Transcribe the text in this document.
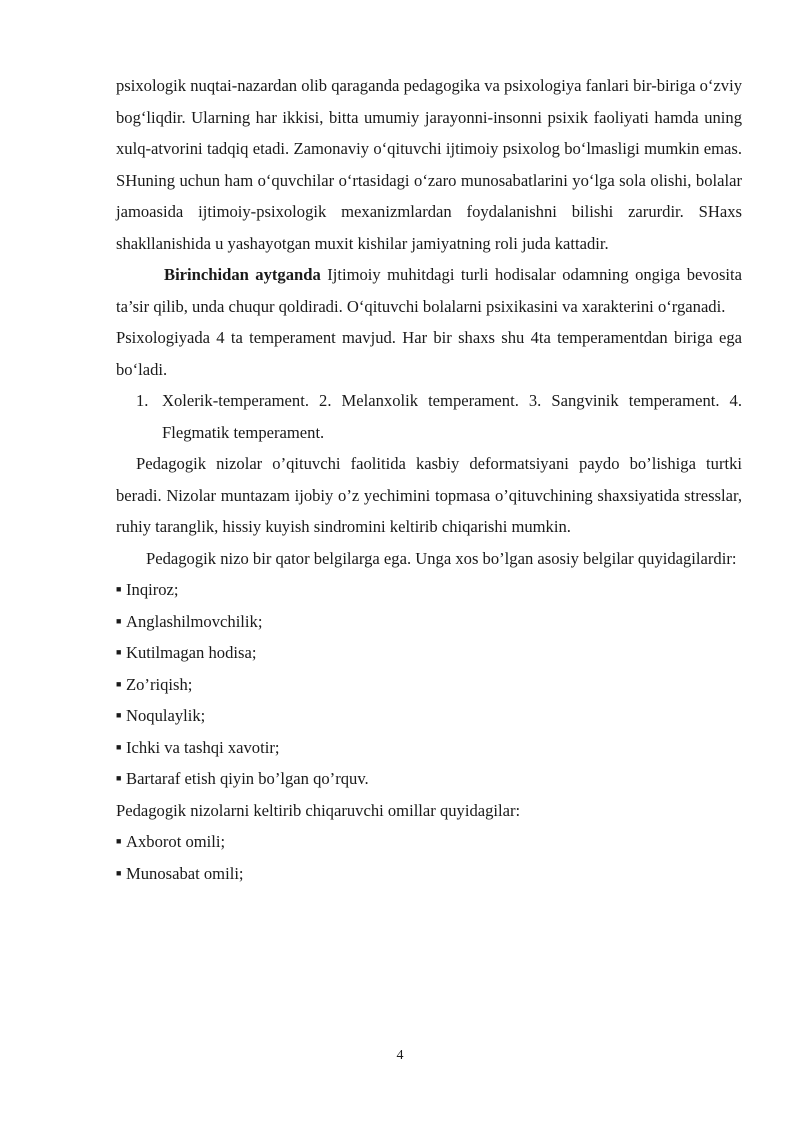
psixologik nuqtai-nazardan olib qaraganda pedagogika va psixologiya fanlari bir-biriga o‘zviy bog‘liqdir. Ularning har ikkisi, bitta umumiy jarayonni-insonni psixik faoliyati hamda uning xulq-atvorini tadqiq etadi. Zamonaviy o‘qituvchi ijtimoiy psixolog bo‘lmasligi mumkin emas. SHuning uchun ham o‘quvchilar o‘rtasidagi o‘zaro munosabatlarini yo‘lga sola olishi, bolalar jamoasida ijtimoiy-psixologik mexanizmlardan foydalanishni bilishi zarurdir. SHaxs shakllanishida u yashayotgan muxit kishilar jamiyatning roli juda kattadir.

Birinchidan aytganda Ijtimoiy muhitdagi turli hodisalar odamning ongiga bevosita ta’sir qilib, unda chuqur qoldiradi. O‘qituvchi bolalarni psixikasini va xarakterini o‘rganadi.

Psixologiyada 4 ta temperament mavjud. Har bir shaxs shu 4ta temperamentdan biriga ega bo‘ladi.

1. Xolerik-temperament. 2. Melanxolik temperament. 3. Sangvinik temperament. 4. Flegmatik temperament.

Pedagogik nizolar o’qituvchi faolitida kasbiy deformatsiyani paydo bo’lishiga turtki beradi. Nizolar muntazam ijobiy o’z yechimini topmasa o’qituvchining shaxsiyatida stresslar, ruhiy taranglik, hissiy kuyish sindromini keltirib chiqarishi mumkin.

Pedagogik nizo bir qator belgilarga ega. Unga xos bo’lgan asosiy belgilar quyidagilardir:

■ Inqiroz;
■ Anglashilmovchilik;
■ Kutilmagan hodisa;
■ Zo’riqish;
■ Noqulaylik;
■ Ichki va tashqi xavotir;
■ Bartaraf etish qiyin bo’lgan qo’rquv.

Pedagogik nizolarni keltirib chiqaruvchi omillar quyidagilar:

■ Axborot omili;
■ Munosabat omili;
4
